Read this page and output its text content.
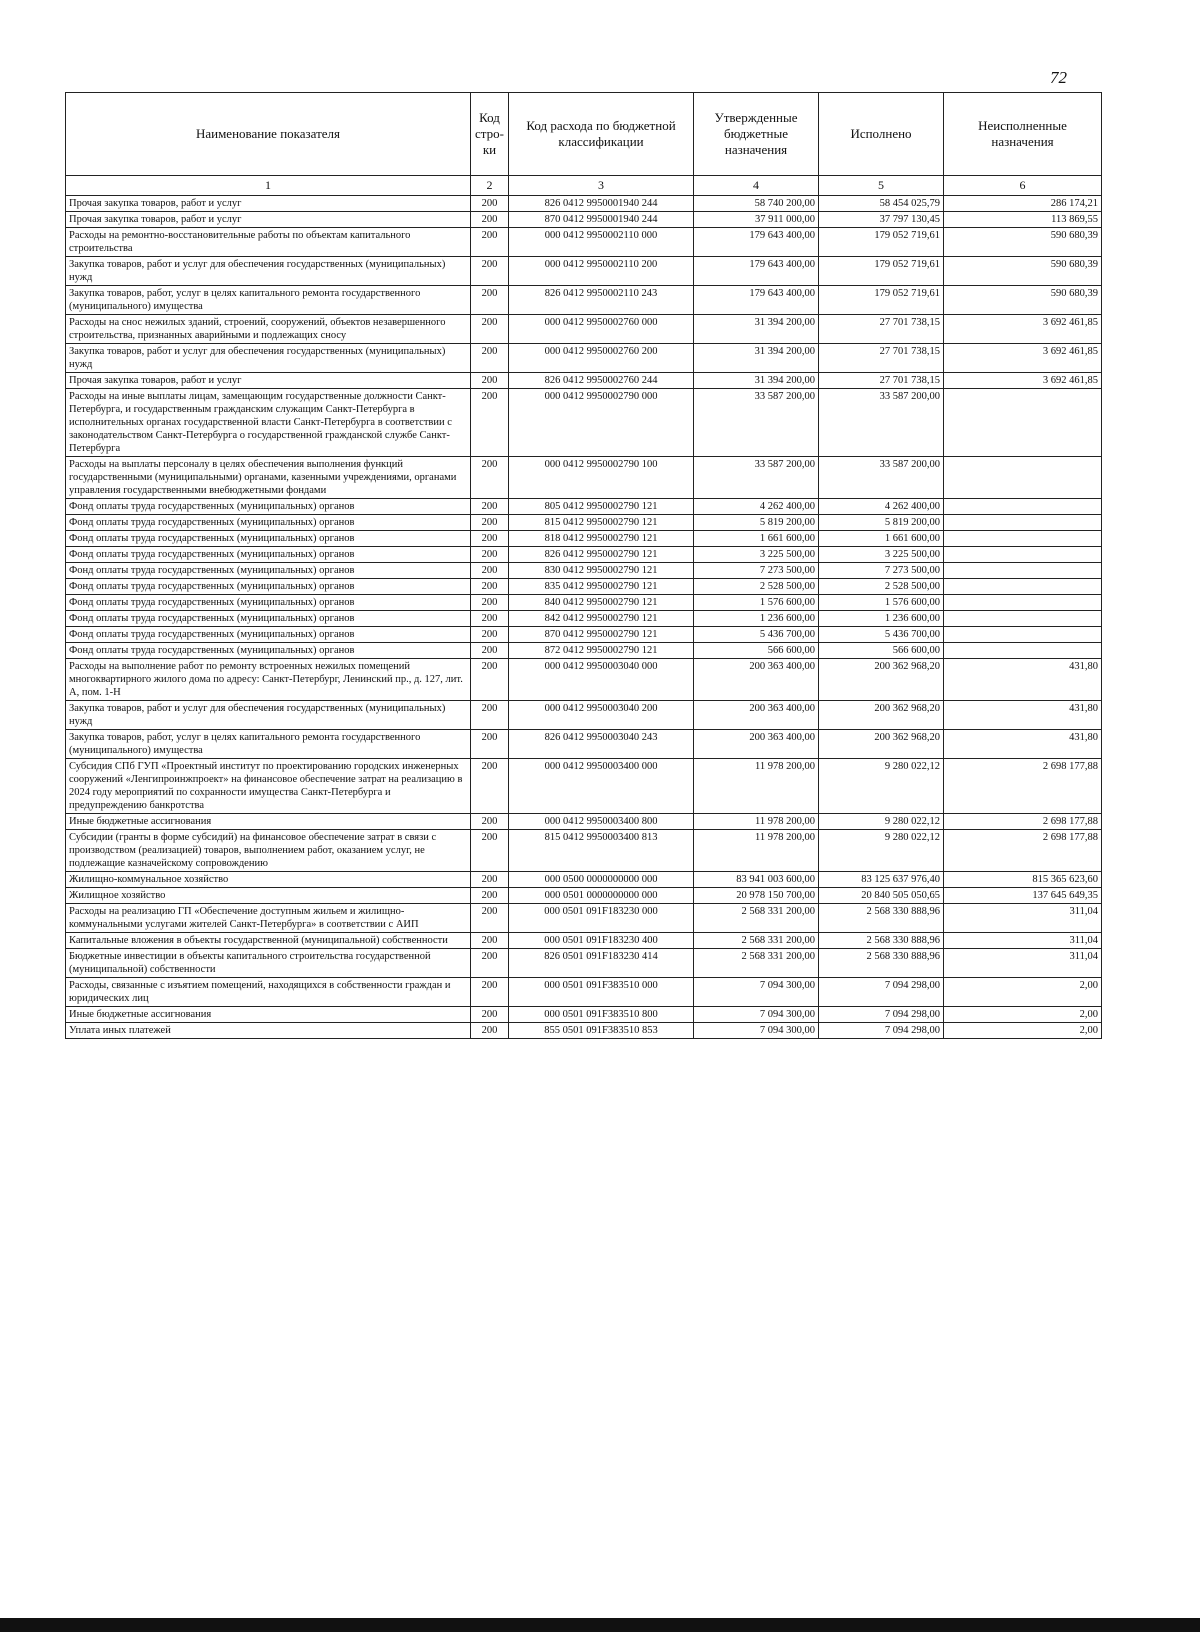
72
Наименование показателя	Код стро- ки	Код расхода по бюджетной классификации	Утвержденные бюджетные назначения	Исполнено	Неисполненные назначения
1	2	3	4	5	6
Прочая закупка товаров, работ и услуг	200	826 0412 9950001940 244	58 740 200,00	58 454 025,79	286 174,21
Прочая закупка товаров, работ и услуг	200	870 0412 9950001940 244	37 911 000,00	37 797 130,45	113 869,55
Расходы на ремонтно-восстановительные работы по объектам капитального строительства	200	000 0412 9950002110 000	179 643 400,00	179 052 719,61	590 680,39
Закупка товаров, работ и услуг для обеспечения государственных (муниципальных) нужд	200	000 0412 9950002110 200	179 643 400,00	179 052 719,61	590 680,39
Закупка товаров, работ, услуг в целях капитального ремонта государственного (муниципального) имущества	200	826 0412 9950002110 243	179 643 400,00	179 052 719,61	590 680,39
Расходы на снос нежилых зданий, строений, сооружений, объектов незавершенного строительства, признанных аварийными и подлежащих сносу	200	000 0412 9950002760 000	31 394 200,00	27 701 738,15	3 692 461,85
Закупка товаров, работ и услуг для обеспечения государственных (муниципальных) нужд	200	000 0412 9950002760 200	31 394 200,00	27 701 738,15	3 692 461,85
Прочая закупка товаров, работ и услуг	200	826 0412 9950002760 244	31 394 200,00	27 701 738,15	3 692 461,85
Расходы на иные выплаты лицам, замещающим государственные должности Санкт-Петербурга, и государственным гражданским служащим Санкт-Петербурга в исполнительных органах государственной власти Санкт-Петербурга в соответствии с законодательством Санкт-Петербурга о государственной гражданской службе Санкт-Петербурга	200	000 0412 9950002790 000	33 587 200,00	33 587 200,00	
Расходы на выплаты персоналу в целях обеспечения выполнения функций государственными (муниципальными) органами, казенными учреждениями, органами управления государственными внебюджетными фондами	200	000 0412 9950002790 100	33 587 200,00	33 587 200,00	
Фонд оплаты труда государственных (муниципальных) органов	200	805 0412 9950002790 121	4 262 400,00	4 262 400,00	
Фонд оплаты труда государственных (муниципальных) органов	200	815 0412 9950002790 121	5 819 200,00	5 819 200,00	
Фонд оплаты труда государственных (муниципальных) органов	200	818 0412 9950002790 121	1 661 600,00	1 661 600,00	
Фонд оплаты труда государственных (муниципальных) органов	200	826 0412 9950002790 121	3 225 500,00	3 225 500,00	
Фонд оплаты труда государственных (муниципальных) органов	200	830 0412 9950002790 121	7 273 500,00	7 273 500,00	
Фонд оплаты труда государственных (муниципальных) органов	200	835 0412 9950002790 121	2 528 500,00	2 528 500,00	
Фонд оплаты труда государственных (муниципальных) органов	200	840 0412 9950002790 121	1 576 600,00	1 576 600,00	
Фонд оплаты труда государственных (муниципальных) органов	200	842 0412 9950002790 121	1 236 600,00	1 236 600,00	
Фонд оплаты труда государственных (муниципальных) органов	200	870 0412 9950002790 121	5 436 700,00	5 436 700,00	
Фонд оплаты труда государственных (муниципальных) органов	200	872 0412 9950002790 121	566 600,00	566 600,00	
Расходы на выполнение работ по ремонту встроенных нежилых помещений многоквартирного жилого дома по адресу: Санкт-Петербург, Ленинский пр., д. 127, лит. А, пом. 1-Н	200	000 0412 9950003040 000	200 363 400,00	200 362 968,20	431,80
Закупка товаров, работ и услуг для обеспечения государственных (муниципальных) нужд	200	000 0412 9950003040 200	200 363 400,00	200 362 968,20	431,80
Закупка товаров, работ, услуг в целях капитального ремонта государственного (муниципального) имущества	200	826 0412 9950003040 243	200 363 400,00	200 362 968,20	431,80
Субсидия СПб ГУП «Проектный институт по проектированию городских инженерных сооружений «Ленгипроинжпроект» на финансовое обеспечение затрат на реализацию в 2024 году мероприятий по сохранности имущества Санкт-Петербурга и предупреждению банкротства	200	000 0412 9950003400 000	11 978 200,00	9 280 022,12	2 698 177,88
Иные бюджетные ассигнования	200	000 0412 9950003400 800	11 978 200,00	9 280 022,12	2 698 177,88
Субсидии (гранты в форме субсидий) на финансовое обеспечение затрат в связи с производством (реализацией) товаров, выполнением работ, оказанием услуг, не подлежащие казначейскому сопровождению	200	815 0412 9950003400 813	11 978 200,00	9 280 022,12	2 698 177,88
Жилищно-коммунальное хозяйство	200	000 0500 0000000000 000	83 941 003 600,00	83 125 637 976,40	815 365 623,60
Жилищное хозяйство	200	000 0501 0000000000 000	20 978 150 700,00	20 840 505 050,65	137 645 649,35
Расходы на реализацию ГП «Обеспечение доступным жильем и жилищно-коммунальными услугами жителей Санкт-Петербурга» в соответствии с АИП	200	000 0501 091F183230 000	2 568 331 200,00	2 568 330 888,96	311,04
Капитальные вложения в объекты государственной (муниципальной) собственности	200	000 0501 091F183230 400	2 568 331 200,00	2 568 330 888,96	311,04
Бюджетные инвестиции в объекты капитального строительства государственной (муниципальной) собственности	200	826 0501 091F183230 414	2 568 331 200,00	2 568 330 888,96	311,04
Расходы, связанные с изъятием помещений, находящихся в собственности граждан и юридических лиц	200	000 0501 091F383510 000	7 094 300,00	7 094 298,00	2,00
Иные бюджетные ассигнования	200	000 0501 091F383510 800	7 094 300,00	7 094 298,00	2,00
Уплата иных платежей	200	855 0501 091F383510 853	7 094 300,00	7 094 298,00	2,00
